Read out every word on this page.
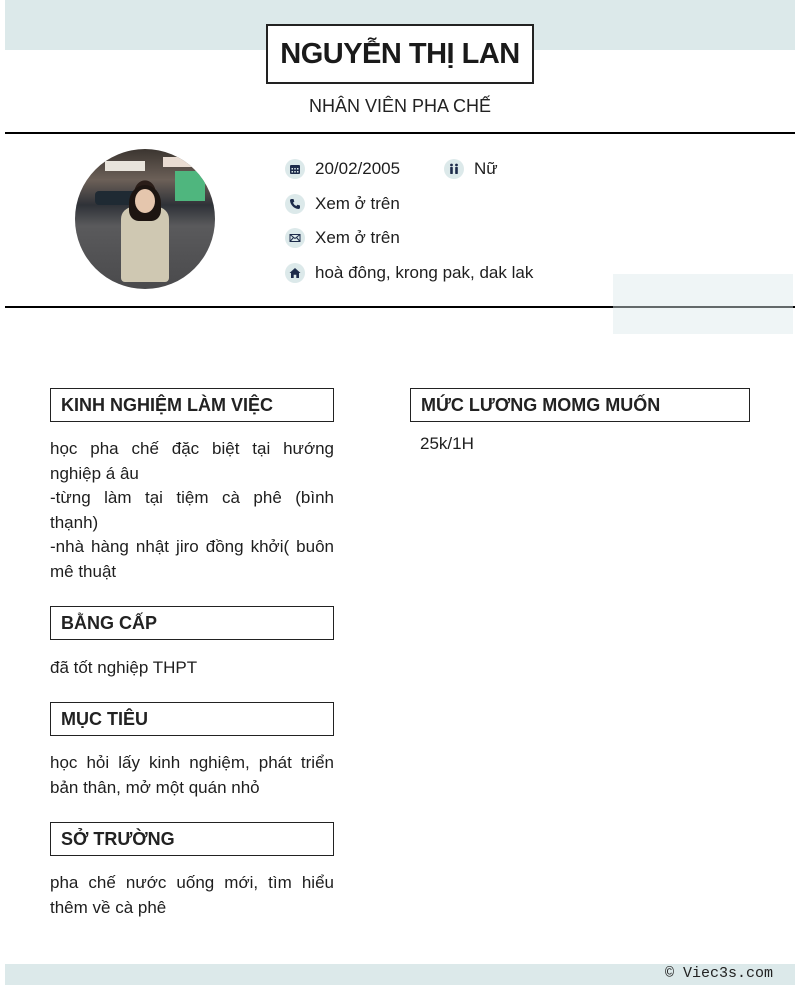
NGUYỄN THỊ LAN
NHÂN VIÊN PHA CHẾ
20/02/2005	Nữ
Xem ở trên
Xem ở trên
hoà đông, krong pak, dak lak
KINH NGHIỆM LÀM VIỆC
học pha chế đặc biệt tại hướng nghiệp á âu
-từng làm tại tiệm cà phê (bình thạnh)
-nhà hàng nhật jiro đồng khởi( buôn mê thuật
BẰNG CẤP
đã tốt nghiệp THPT
MỤC TIÊU
học hỏi lấy kinh nghiệm, phát triển bản thân, mở một quán nhỏ
SỞ TRƯỜNG
pha chế nước uống mới, tìm hiểu thêm về cà phê
MỨC LƯƠNG MOMG MUỐN
25k/1H
© Viec3s.com
